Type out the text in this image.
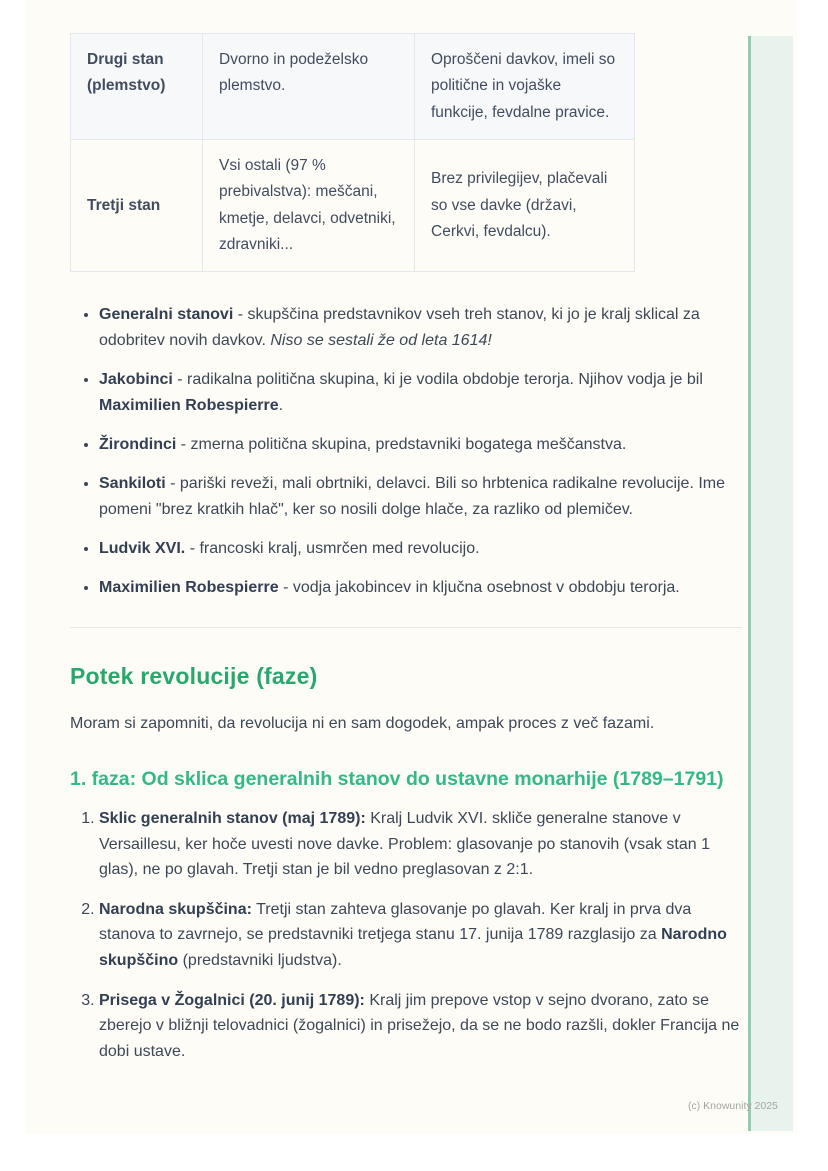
Drugi stan (plemstvo)	Dvorno in podeželsko plemstvo.	Oproščeni davkov, imeli so politične in vojaške funkcije, fevdalne pravice.
Tretji stan	Vsi ostali (97 % prebivalstva): meščani, kmetje, delavci, odvetniki, zdravniki...	Brez privilegijev, plačevali so vse davke (državi, Cerkvi, fevdalcu).
• Generalni stanovi - skupščina predstavnikov vseh treh stanov, ki jo je kralj sklical za odobritev novih davkov. Niso se sestali že od leta 1614!
• Jakobinci - radikalna politična skupina, ki je vodila obdobje terorja. Njihov vodja je bil Maximilien Robespierre.
• Žirondinci - zmerna politična skupina, predstavniki bogatega meščanstva.
• Sankiloti - pariški reveži, mali obrtniki, delavci. Bili so hrbtenica radikalne revolucije. Ime pomeni "brez kratkih hlač", ker so nosili dolge hlače, za razliko od plemičev.
• Ludvik XVI. - francoski kralj, usmrčen med revolucijo.
• Maximilien Robespierre - vodja jakobincev in ključna osebnost v obdobju terorja.
Potek revolucije (faze)

Moram si zapomniti, da revolucija ni en sam dogodek, ampak proces z več fazami.

1. faza: Od sklica generalnih stanov do ustavne monarhije (1789–1791)
1. Sklic generalnih stanov (maj 1789): Kralj Ludvik XVI. skliče generalne stanove v Versaillesu, ker hoče uvesti nove davke. Problem: glasovanje po stanovih (vsak stan 1 glas), ne po glavah. Tretji stan je bil vedno preglasovan z 2:1.
2. Narodna skupščina: Tretji stan zahteva glasovanje po glavah. Ker kralj in prva dva stanova to zavrnejo, se predstavniki tretjega stanu 17. junija 1789 razglasijo za Narodno skupščino (predstavniki ljudstva).
3. Prisega v Žogalnici (20. junij 1789): Kralj jim prepove vstop v sejno dvorano, zato se zberejo v bližnji telovadnici (žogalnici) in prisežejo, da se ne bodo razšli, dokler Francija ne dobi ustave.
(c) Knowunity 2025
